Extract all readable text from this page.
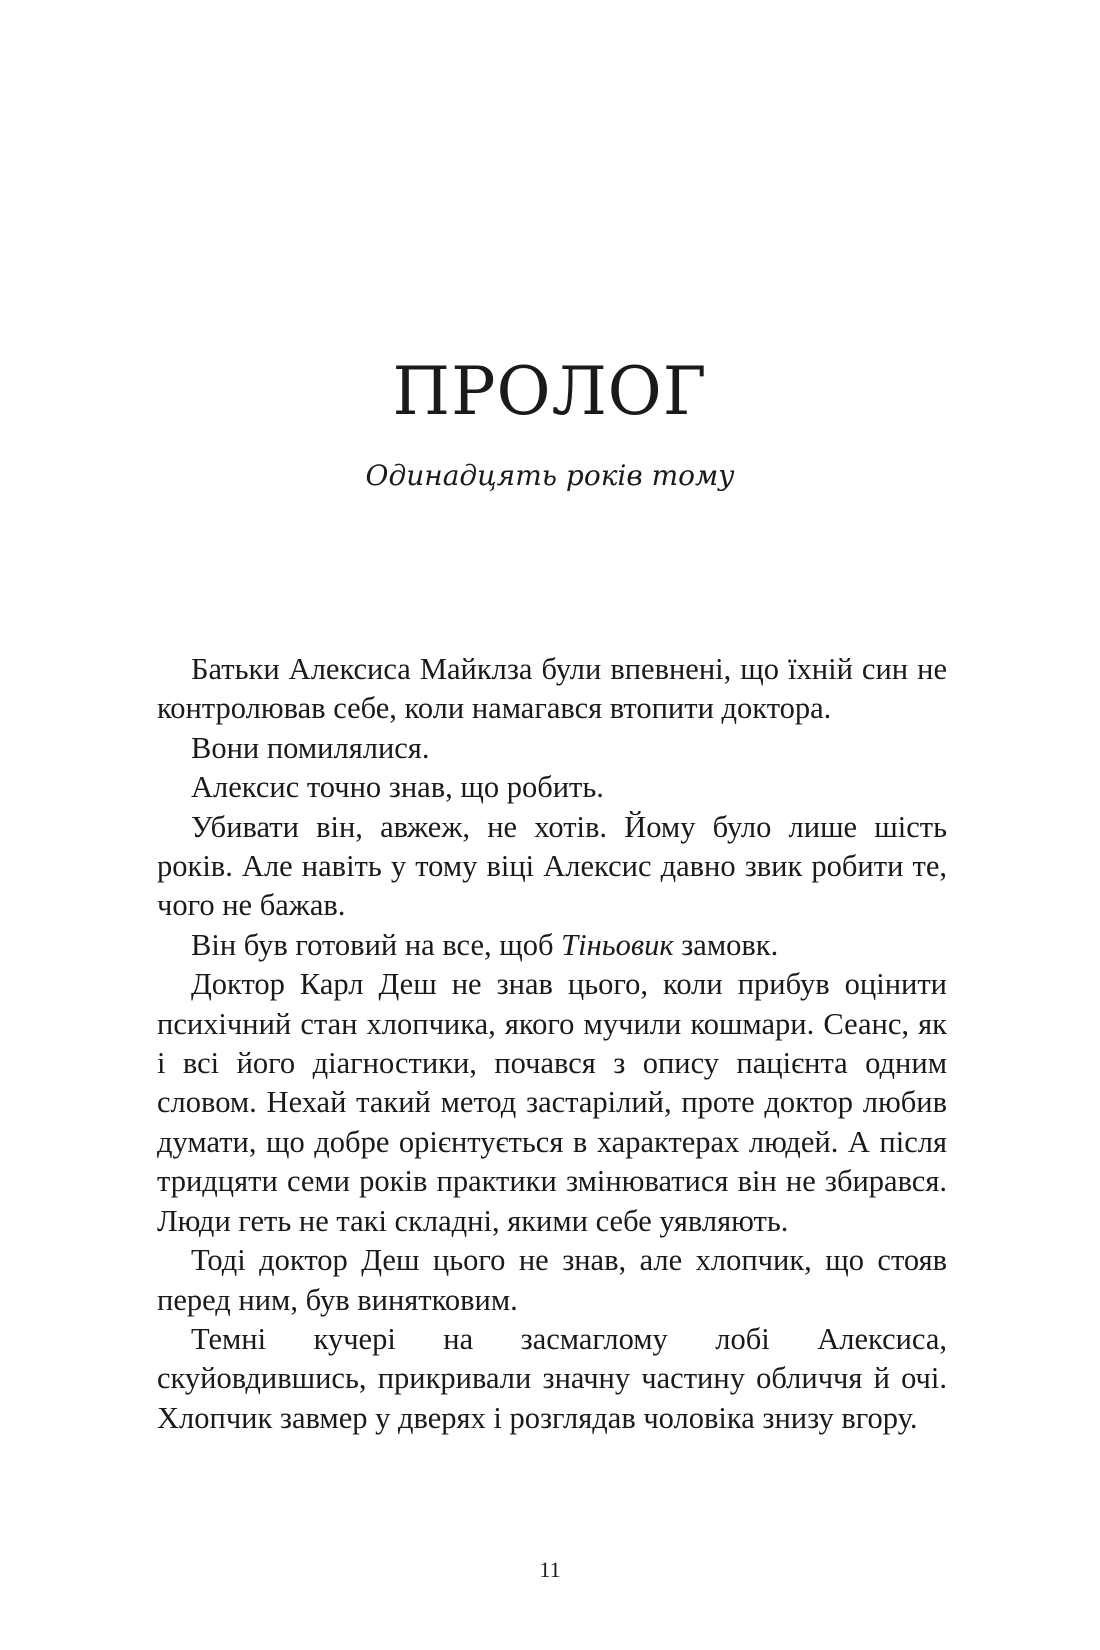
ПРОЛОГ

Одинадцять років тому

Батьки Алексиса Майклза були впевнені, що їхній син не контролював себе, коли намагався втопити доктора.

Вони помилялися.

Алексис точно знав, що робить.

Убивати він, авжеж, не хотів. Йому було лише шість років. Але навіть у тому віці Алексис давно звик робити те, чого не бажав.

Він був готовий на все, щоб Тіньовик замовк.

Доктор Карл Деш не знав цього, коли прибув оцінити психічний стан хлопчика, якого мучили кошмари. Сеанс, як і всі його діагностики, почався з опису пацієнта одним словом. Нехай такий метод застарілий, проте доктор любив думати, що добре орієнтується в характерах людей. А після тридцяти семи років практики змінюватися він не збирався. Люди геть не такі складні, якими себе уявляють.

Тоді доктор Деш цього не знав, але хлопчик, що стояв перед ним, був винятковим.

Темні кучері на засмаглому лобі Алексиса, скуйовдившись, прикривали значну частину обличчя й очі. Хлопчик завмер у дверях і розглядав чоловіка знизу вгору.

11
